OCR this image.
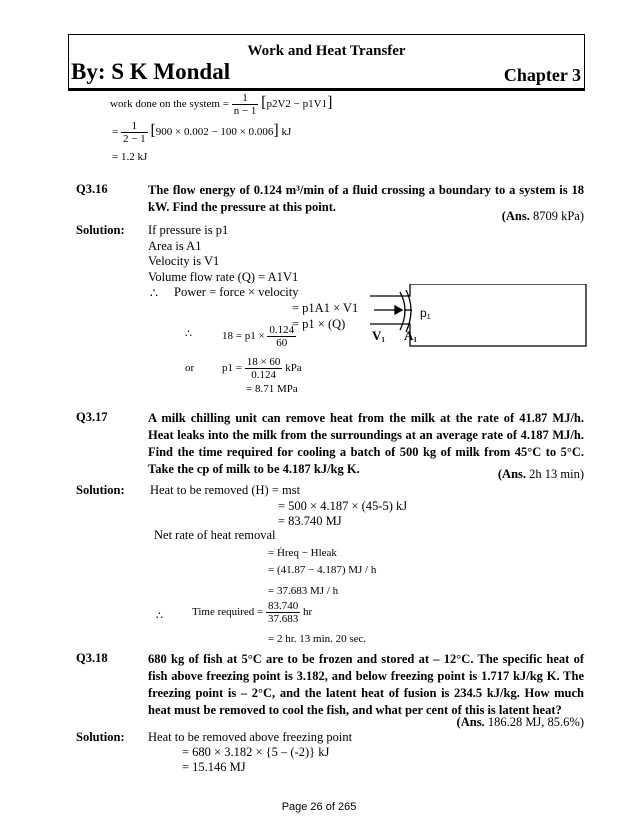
Work and Heat Transfer
By: S K Mondal	Chapter 3
work done on the system = $\frac{1}{n - 1} [p2V2 - p1V1]$
= $\frac{1}{2 - 1} [900 \times 0.002 - 100 \times 0.006]$ kJ
= 1.2 kJ
Q3.16	The flow energy of 0.124 m³/min of a fluid crossing a boundary to a system is 18 kW. Find the pressure at this point.
(Ans. 8709 kPa)
Solution: If pressure is p1
Area is A1
Velocity is V1
Volume flow rate (Q) = A1V1
∴ Power = force × velocity
= p1A1 × V1
= p1 × (Q)
∴	$18 = p1 \times \frac{0.124}{60}$
or	$p1 = \frac{18 \times 60}{0.124}$ kPa
= 8.71 MPa
p1
V1 A1
Q3.17	A milk chilling unit can remove heat from the milk at the rate of 41.87 MJ/h. Heat leaks into the milk from the surroundings at an average rate of 4.187 MJ/h. Find the time required for cooling a batch of 500 kg of milk from 45°C to 5°C. Take the cp of milk to be 4.187 kJ/kg K.	(Ans. 2h 13 min)
Solution: Heat to be removed (H) = mst
= 500 × 4.187 × (45-5) kJ
= 83.740 MJ
Net rate of heat removal
= Ḣreq − Hleak
= (41.87 − 4.187) MJ / h
= 37.683 MJ / h
∴	Time required = $\frac{83.740}{37.683}$ hr
= 2 hr. 13 min. 20 sec.
Q3.18	680 kg of fish at 5°C are to be frozen and stored at – 12°C. The specific heat of fish above freezing point is 3.182, and below freezing point is 1.717 kJ/kg K. The freezing point is – 2°C, and the latent heat of fusion is 234.5 kJ/kg. How much heat must be removed to cool the fish, and what per cent of this is latent heat?
(Ans. 186.28 MJ, 85.6%)
Solution: Heat to be removed above freezing point
= 680 × 3.182 × {5 – (-2)} kJ
= 15.146 MJ
Page 26 of 265
